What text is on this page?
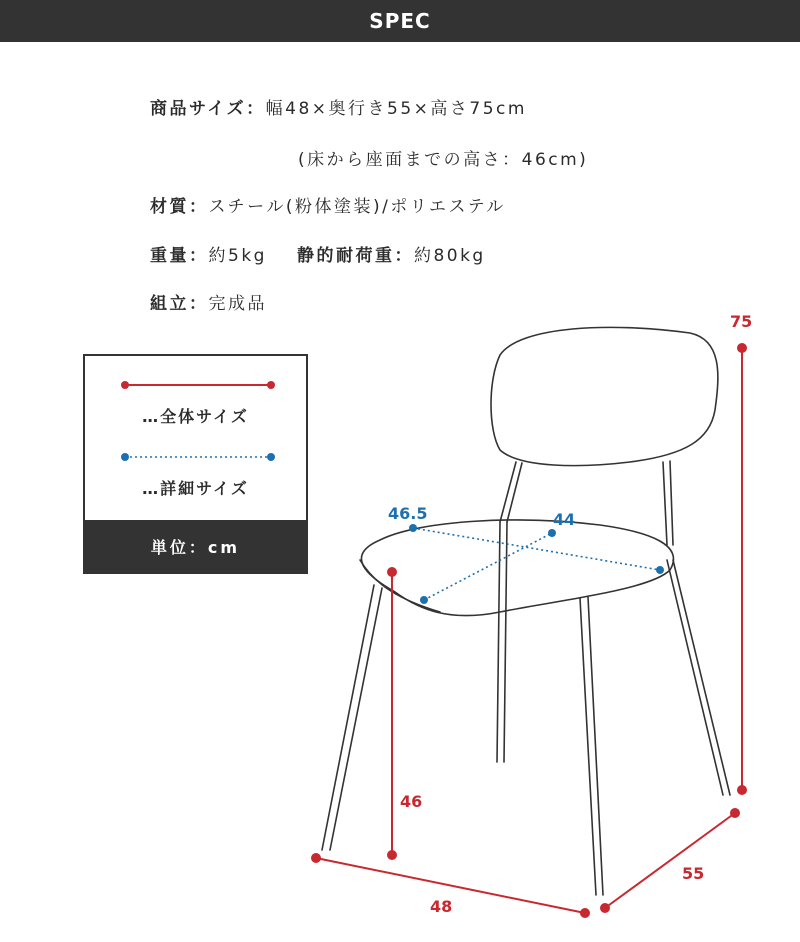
SPEC
商品サイズ：幅48×奥行き55×高さ75cm
(床から座面までの高さ：46cm)
材質：スチール(粉体塗装)/ポリエステル
重量：約5kg 静的耐荷重：約80kg
組立：完成品
…全体サイズ
…詳細サイズ
単位：cm
75
46
48
55
46.5	44
